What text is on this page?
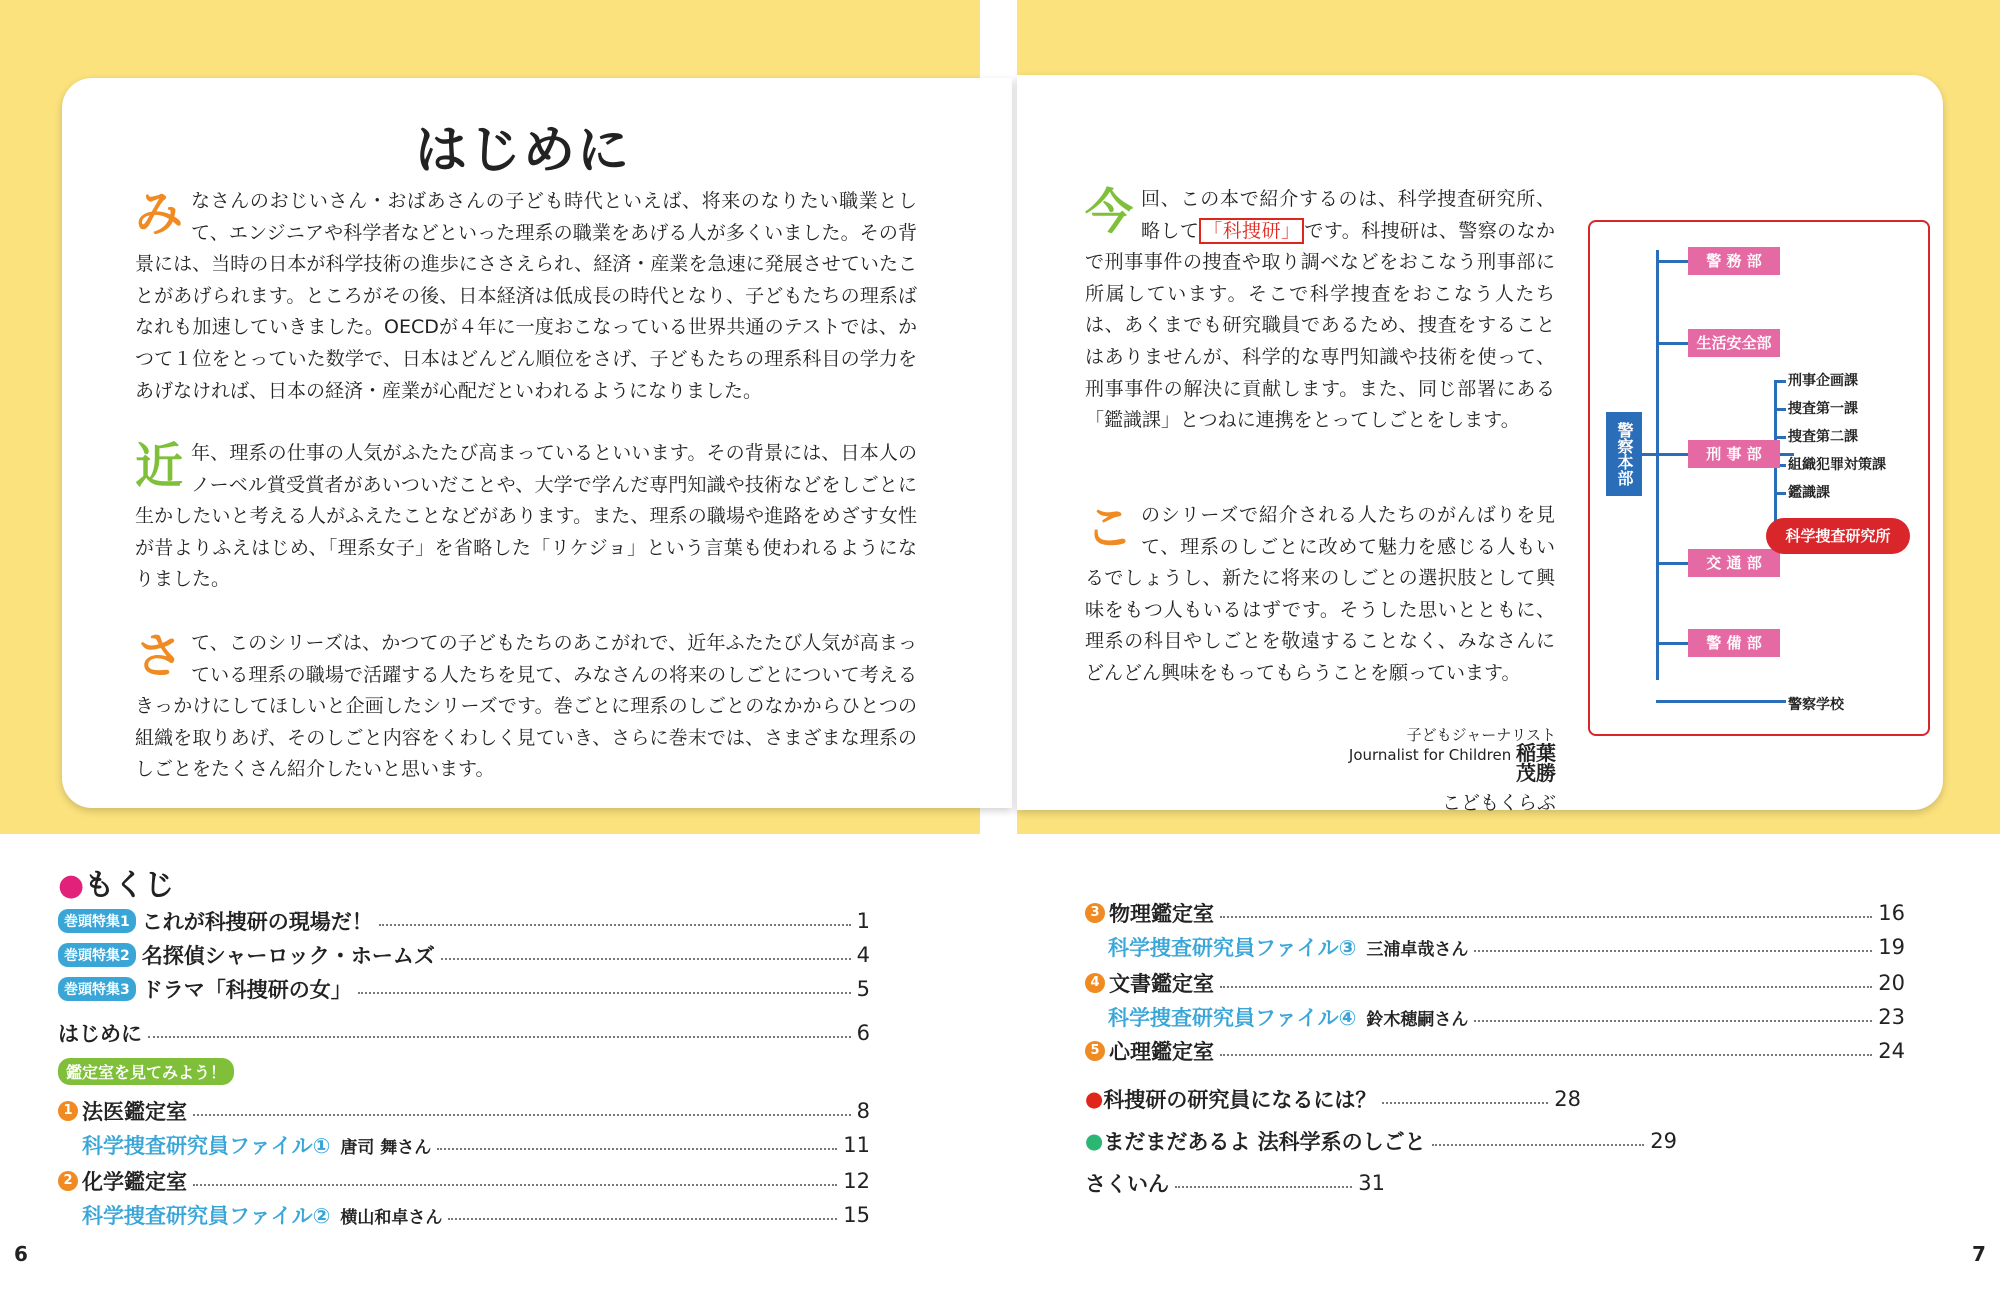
はじめに
みなさんのおじいさん・おばあさんの子ども時代といえば、将来のなりたい職業として、エンジニアや科学者などといった理系の職業をあげる人が多くいました。その背景には、当時の日本が科学技術の進歩にささえられ、経済・産業を急速に発展させていたことがあげられます。ところがその後、日本経済は低成長の時代となり、子どもたちの理系ばなれも加速していきました。OECDが４年に一度おこなっている世界共通のテストでは、かつて１位をとっていた数学で、日本はどんどん順位をさげ、子どもたちの理系科目の学力をあげなければ、日本の経済・産業が心配だといわれるようになりました。
近年、理系の仕事の人気がふたたび高まっているといいます。その背景には、日本人のノーベル賞受賞者があいついだことや、大学で学んだ専門知識や技術などをしごとに生かしたいと考える人がふえたことなどがあります。また、理系の職場や進路をめざす女性が昔よりふえはじめ、「理系女子」を省略した「リケジョ」という言葉も使われるようになりました。
さて、このシリーズは、かつての子どもたちのあこがれで、近年ふたたび人気が高まっている理系の職場で活躍する人たちを見て、みなさんの将来のしごとについて考えるきっかけにしてほしいと企画したシリーズです。巻ごとに理系のしごとのなかからひとつの組織を取りあげ、そのしごと内容をくわしく見ていき、さらに巻末では、さまざまな理系のしごとをたくさん紹介したいと思います。
今回、この本で紹介するのは、科学捜査研究所、略して 「科捜研」 です。科捜研は、警察のなかで刑事事件の捜査や取り調べなどをおこなう刑事部に所属しています。そこで科学捜査をおこなう人たちは、あくまでも研究職員であるため、捜査をすることはありませんが、科学的な専門知識や技術を使って、刑事事件の解決に貢献します。また、同じ部署にある「鑑識課」とつねに連携をとってしごとをします。
このシリーズで紹介される人たちのがんばりを見て、理系のしごとに改めて魅力を感じる人もいるでしょうし、新たに将来のしごとの選択肢として興味をもつ人もいるはずです。そうした思いとともに、理系の科目やしごとを敬遠することなく、みなさんにどんどん興味をもってもらうことを願っています。
子どもジャーナリスト
Journalist for Children 稲葉茂勝
こどもくらぶ
警察本部
警 務 部
生活安全部
刑 事 部
交 通 部
警 備 部
刑事企画課
捜査第一課
捜査第二課
組織犯罪対策課
鑑識課
科学捜査研究所
警察学校
●もくじ
巻頭特集1 これが科捜研の現場だ！	1
巻頭特集2 名探偵シャーロック・ホームズ	4
巻頭特集3 ドラマ「科捜研の女」	5
はじめに	6
鑑定室を見てみよう！
1 法医鑑定室	8
科学捜査研究員ファイル① 唐司 舞さん	11
2 化学鑑定室	12
科学捜査研究員ファイル② 横山和卓さん	15
3 物理鑑定室	16
科学捜査研究員ファイル③ 三浦卓哉さん	19
4 文書鑑定室	20
科学捜査研究員ファイル④ 鈴木穂嗣さん	23
5 心理鑑定室	24
● 科捜研の研究員になるには？	28
● まだまだあるよ 法科学系のしごと	29
さくいん	31
6	7
